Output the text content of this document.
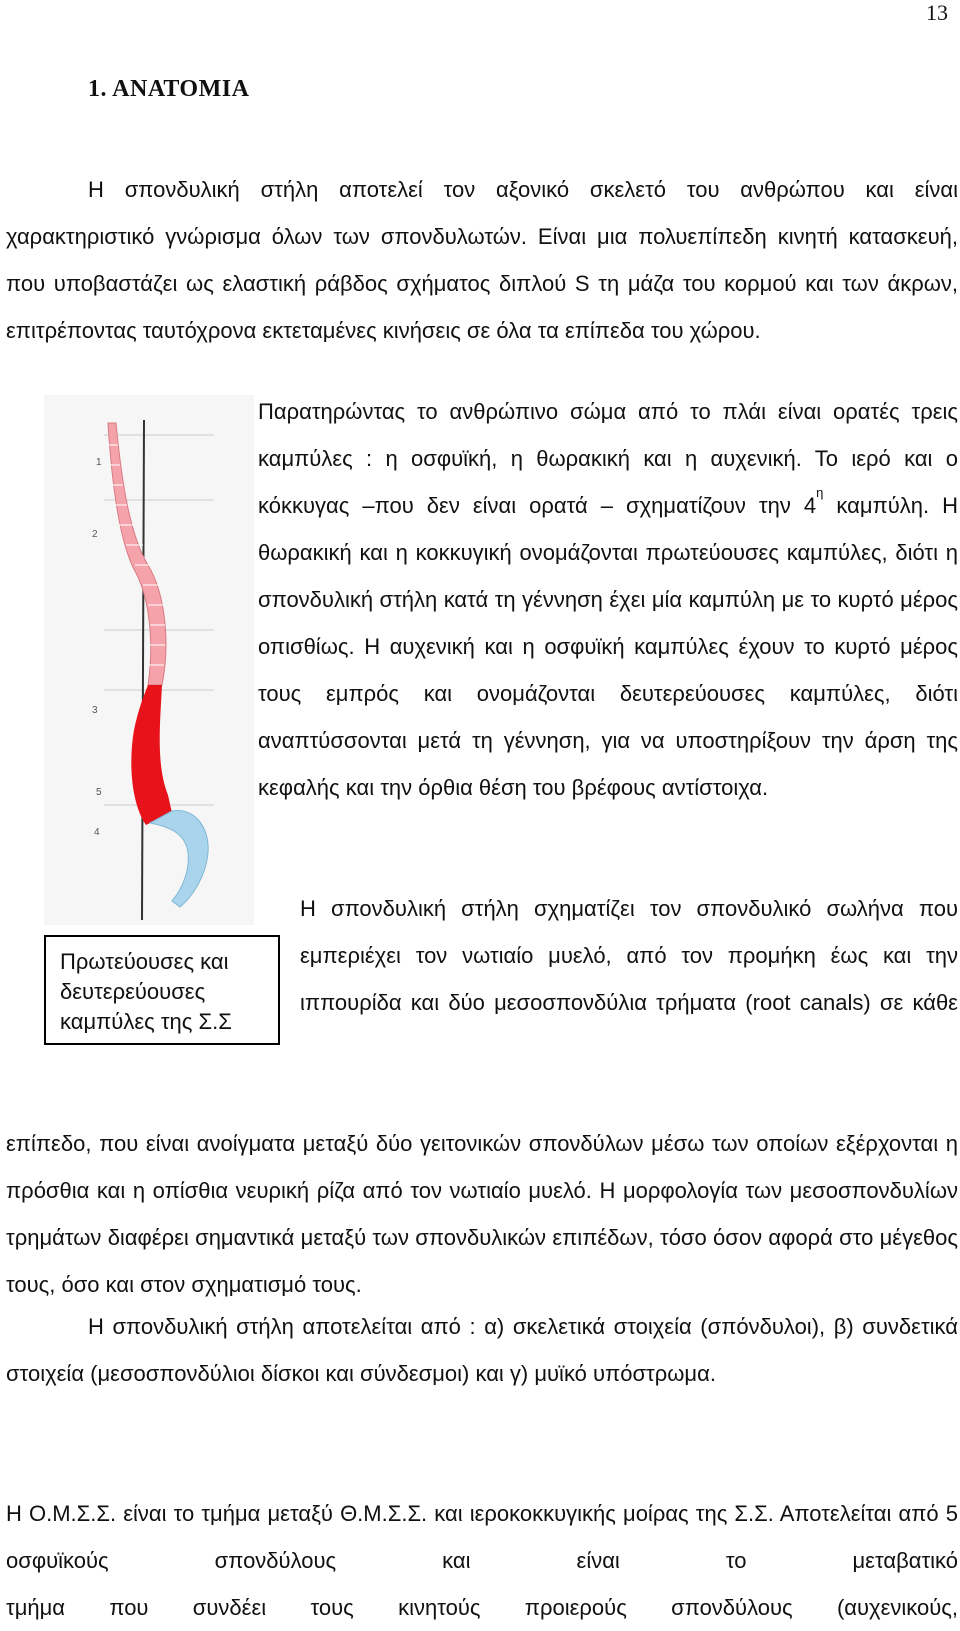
13
1. ΑΝΑΤΟΜΙΑ

Η σπονδυλική στήλη αποτελεί τον αξονικό σκελετό του ανθρώπου και είναι χαρακτηριστικό γνώρισμα όλων των σπονδυλωτών. Είναι μια πολυεπίπεδη κινητή κατασκευή, που υποβαστάζει ως ελαστική ράβδος σχήματος διπλού S τη μάζα του κορμού και των άκρων, επιτρέποντας ταυτόχρονα εκτεταμένες κινήσεις σε όλα τα επίπεδα του χώρου.

Παρατηρώντας το ανθρώπινο σώμα από το πλάι είναι ορατές τρεις καμπύλες : η οσφυϊκή, η θωρακική και η αυχενική. Το ιερό και ο κόκκυγας –που δεν είναι ορατά – σχηματίζουν την $4^\eta$ καμπύλη. Η θωρακική και η κοκκυγική ονομάζονται πρωτεύουσες καμπύλες, διότι η σπονδυλική στήλη κατά τη γέννηση έχει μία καμπύλη με το κυρτό μέρος οπισθίως. Η αυχενική και η οσφυϊκή καμπύλες έχουν το κυρτό μέρος τους εμπρός και ονομάζονται δευτερεύουσες καμπύλες, διότι αναπτύσσονται μετά τη γέννηση, για να υποστηρίξουν την άρση της κεφαλής και την όρθια θέση του βρέφους αντίστοιχα.

Η σπονδυλική στήλη σχηματίζει τον σπονδυλικό σωλήνα που εμπεριέχει τον νωτιαίο μυελό, από τον προμήκη έως και την ιππουρίδα και δύο μεσοσπονδύλια τρήματα (root canals) σε κάθε

επίπεδο, που είναι ανοίγματα μεταξύ δύο γειτονικών σπονδύλων μέσω των οποίων εξέρχονται η πρόσθια και η οπίσθια νευρική ρίζα από τον νωτιαίο μυελό. Η μορφολογία των μεσοσπονδυλίων τρημάτων διαφέρει σημαντικά μεταξύ των σπονδυλικών επιπέδων, τόσο όσον αφορά στο μέγεθος τους, όσο και στον σχηματισμό τους.

Η σπονδυλική στήλη αποτελείται από : α) σκελετικά στοιχεία (σπόνδυλοι), β) συνδετικά στοιχεία (μεσοσπονδύλιοι δίσκοι και σύνδεσμοι) και γ) μυϊκό υπόστρωμα.

Η Ο.Μ.Σ.Σ. είναι το τμήμα μεταξύ Θ.Μ.Σ.Σ. και ιεροκοκκυγικής μοίρας της Σ.Σ. Αποτελείται από 5 οσφυϊκούς σπονδύλους και είναι το μεταβατικό

τμήμα που συνδέει τους κινητούς προιερούς σπονδύλους (αυχενικούς,

1
2
3
5
4
Πρωτεύουσες και δευτερεύουσες καμπύλες της Σ.Σ
